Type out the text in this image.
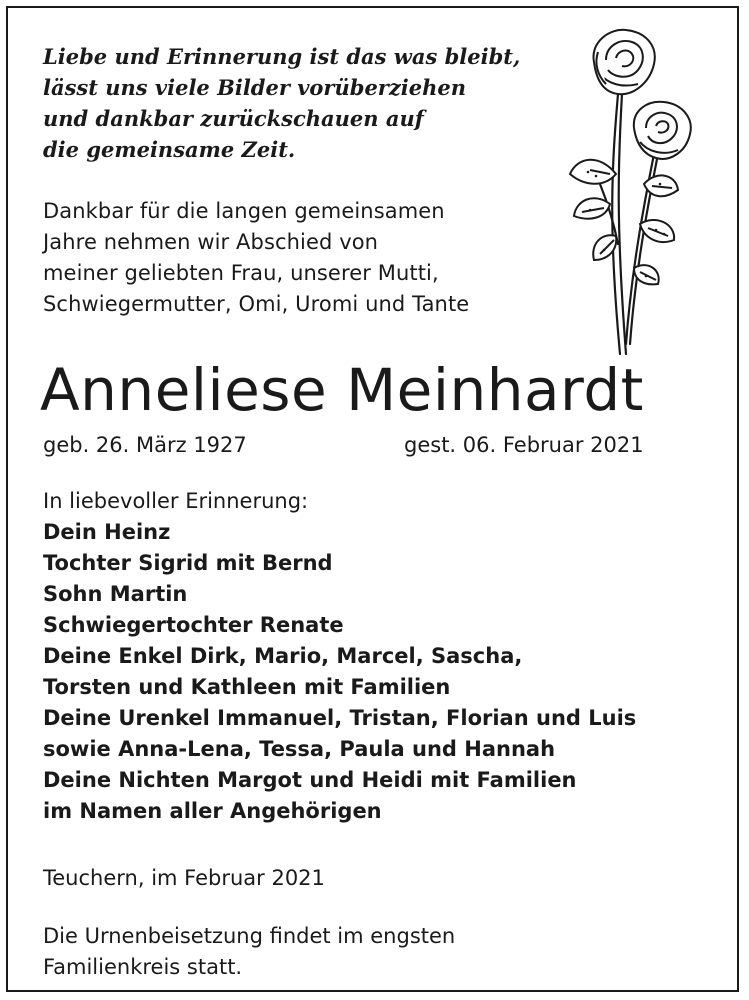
Liebe und Erinnerung ist das was bleibt,
lässt uns viele Bilder vorüberziehen
und dankbar zurückschauen auf
die gemeinsame Zeit.
Dankbar für die langen gemeinsamen
Jahre nehmen wir Abschied von
meiner geliebten Frau, unserer Mutti,
Schwiegermutter, Omi, Uromi und Tante
Anneliese Meinhardt
geb. 26. März 1927	gest. 06. Februar 2021
In liebevoller Erinnerung:
Dein Heinz
Tochter Sigrid mit Bernd
Sohn Martin
Schwiegertochter Renate
Deine Enkel Dirk, Mario, Marcel, Sascha,
Torsten und Kathleen mit Familien
Deine Urenkel Immanuel, Tristan, Florian und Luis
sowie Anna-Lena, Tessa, Paula und Hannah
Deine Nichten Margot und Heidi mit Familien
im Namen aller Angehörigen
Teuchern, im Februar 2021
Die Urnenbeisetzung findet im engsten
Familienkreis statt.
